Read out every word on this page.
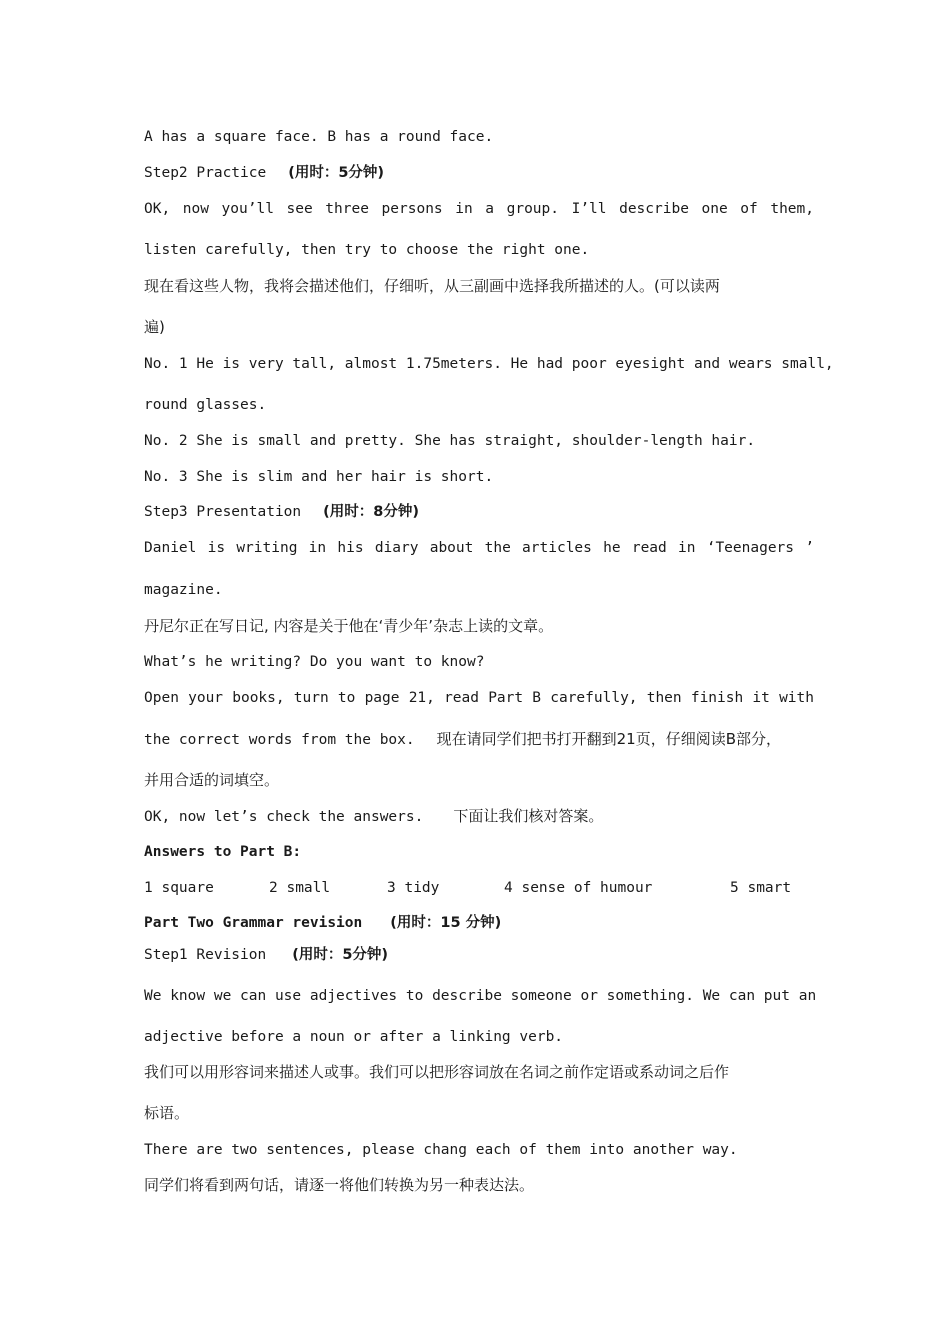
A has a square face. B has a round face.
Step2 Practice (用时：5分钟)
OK, now you’ll see three persons in a group. I’ll describe one of them,
listen carefully, then try to choose the right one.
现在看这些人物，我将会描述他们，仔细听，从三副画中选择我所描述的人。(可以读两
遍)
No. 1 He is very tall, almost 1.75meters. He had poor eyesight and wears small,
round glasses.
No. 2 She is small and pretty. She has straight, shoulder-length hair.
No. 3 She is slim and her hair is short.
Step3 Presentation (用时：8分钟)
Daniel is writing in his diary about the articles he read in ‘Teenagers ’
magazine.
丹尼尔正在写日记, 内容是关于他在‘青少年’杂志上读的文章。
What’s he writing? Do you want to know?
Open your books, turn to page 21, read Part B carefully, then finish it with
the correct words from the box. 现在请同学们把书打开翻到21页，仔细阅读B部分，
并用合适的词填空。
OK, now let’s check the answers. 下面让我们核对答案。
Answers to Part B:
1 square	2 small	3 tidy	4 sense of humour	5 smart
Part Two Grammar revision (用时：15 分钟)
Step1 Revision (用时：5分钟)
We know we can use adjectives to describe someone or something. We can put an
adjective before a noun or after a linking verb.
我们可以用形容词来描述人或事。我们可以把形容词放在名词之前作定语或系动词之后作
标语。
There are two sentences, please chang each of them into another way.
同学们将看到两句话，请逐一将他们转换为另一种表达法。
